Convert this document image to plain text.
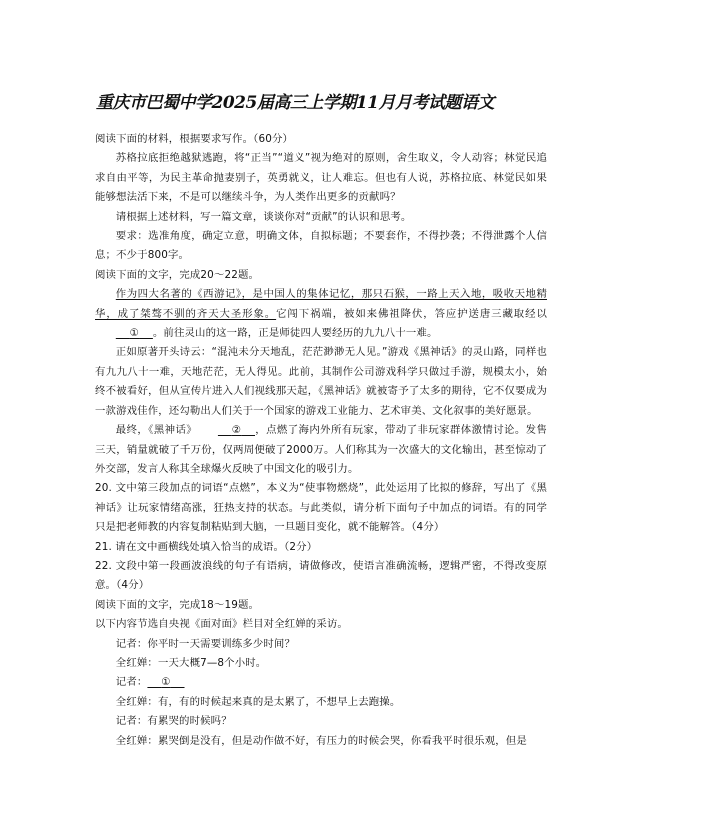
重庆市巴蜀中学2025届高三上学期11月月考试题语文

阅读下面的材料，根据要求写作。（60分）

苏格拉底拒绝越狱逃跑，将“正当”“道义”视为绝对的原则，舍生取义，令人动容；林觉民追求自由平等，为民主革命抛妻别子，英勇就义，让人难忘。但也有人说，苏格拉底、林觉民如果能够想法活下来，不是可以继续斗争，为人类作出更多的贡献吗？

请根据上述材料，写一篇文章，谈谈你对“贡献”的认识和思考。

要求：选准角度，确定立意，明确文体，自拟标题；不要套作，不得抄袭；不得泄露个人信息；不少于800字。

阅读下面的文字，完成20～22题。

作为四大名著的《西游记》，是中国人的集体记忆，那只石猴，一路上天入地，吸收天地精华，成了桀骜不驯的齐天大圣形象。它闯下祸端，被如来佛祖降伏，答应护送唐三藏取经以    ① 。前往灵山的这一路，正是师徒四人要经历的九九八十一难。

正如原著开头诗云：“混沌未分天地乱，茫茫渺渺无人见。”游戏《黑神话》的灵山路，同样也有九九八十一难，天地茫茫，无人得见。此前，其制作公司游戏科学只做过手游，规模太小，始终不被看好，但从宣传片进入人们视线那天起，《黑神话》就被寄予了太多的期待，它不仅要成为一款游戏佳作，还勾勒出人们关于一个国家的游戏工业能力、艺术审美、文化叙事的美好愿景。

最终，《黑神话》	② ，点燃了海内外所有玩家，带动了非玩家群体激情讨论。发售三天，销量就破了千万份，仅两周便破了2000万。人们称其为一次盛大的文化输出，甚至惊动了外交部，发言人称其全球爆火反映了中国文化的吸引力。

20. 文中第三段加点的词语“点燃”，本义为“使事物燃烧”，此处运用了比拟的修辞，写出了《黑神话》让玩家情绪高涨，狂热支持的状态。与此类似，请分析下面句子中加点的词语。有的同学只是把老师教的内容复制粘贴到大脑，一旦题目变化，就不能解答。（4分）

21. 请在文中画横线处填入恰当的成语。（2分）

22. 文段中第一段画波浪线的句子有语病，请做修改，使语言准确流畅，逻辑严密，不得改变原意。（4分）

阅读下面的文字，完成18～19题。

以下内容节选自央视《面对面》栏目对全红婵的采访。

记者：你平时一天需要训练多少时间？

全红婵：一天大概7—8个小时。

记者： ①

全红婵：有，有的时候起来真的是太累了，不想早上去跑操。

记者：有累哭的时候吗？

全红婵：累哭倒是没有，但是动作做不好，有压力的时候会哭，你看我平时很乐观，但是
